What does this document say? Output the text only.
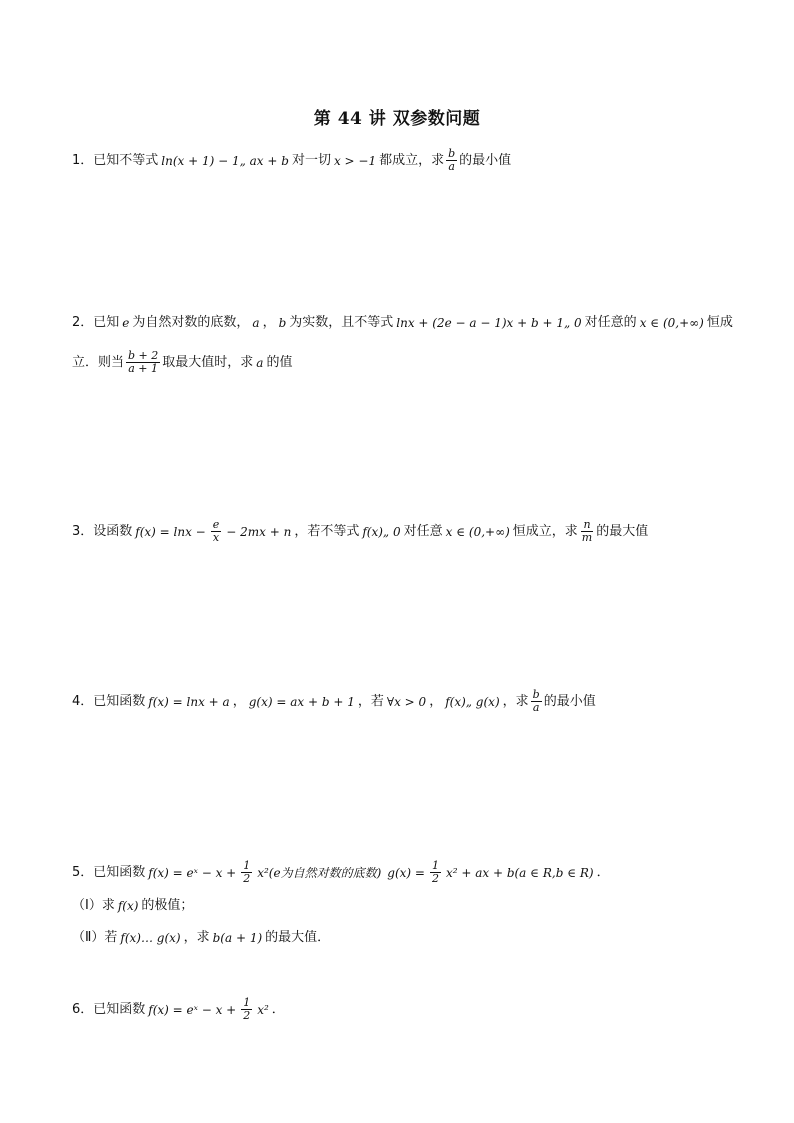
第 44 讲 双参数问题
1．已知不等式 ln(x + 1) − 1„ ax + b 对一切 x > −1 都成立，求 $\frac{b}{a}$ 的最小值
2．已知 e 为自然对数的底数， a ， b 为实数，且不等式 lnx + (2e − a − 1)x + b + 1„ 0 对任意的 x ∈ (0,+∞) 恒成
立．则当 $\frac{b + 2}{a + 1}$ 取最大值时，求 a 的值
3．设函数 $f(x) = \ln x - \frac{e}{x} - 2mx + n$ ，若不等式 f(x)„ 0 对任意 x ∈ (0,+∞) 恒成立，求 $\frac{n}{m}$ 的最大值
4．已知函数 f(x) = lnx + a ， g(x) = ax + b + 1 ，若 ∀x > 0 ， f(x)„ g(x) ，求 $\frac{b}{a}$ 的最小值
5．已知函数 f(x) = eˣ − $x + \frac{1}{2} x^2(e$为自然对数的底数) $g(x) = \frac{1}{2} x^2$ + ax + b(a ∈ R,b ∈ R) ．
（Ⅰ）求 f(x) 的极值；
（Ⅱ）若 f(x)… g(x) ，求 b(a + 1) 的最大值．
6．已知函数 f(x) = eˣ − $x + \frac{1}{2} x^2$ ．
